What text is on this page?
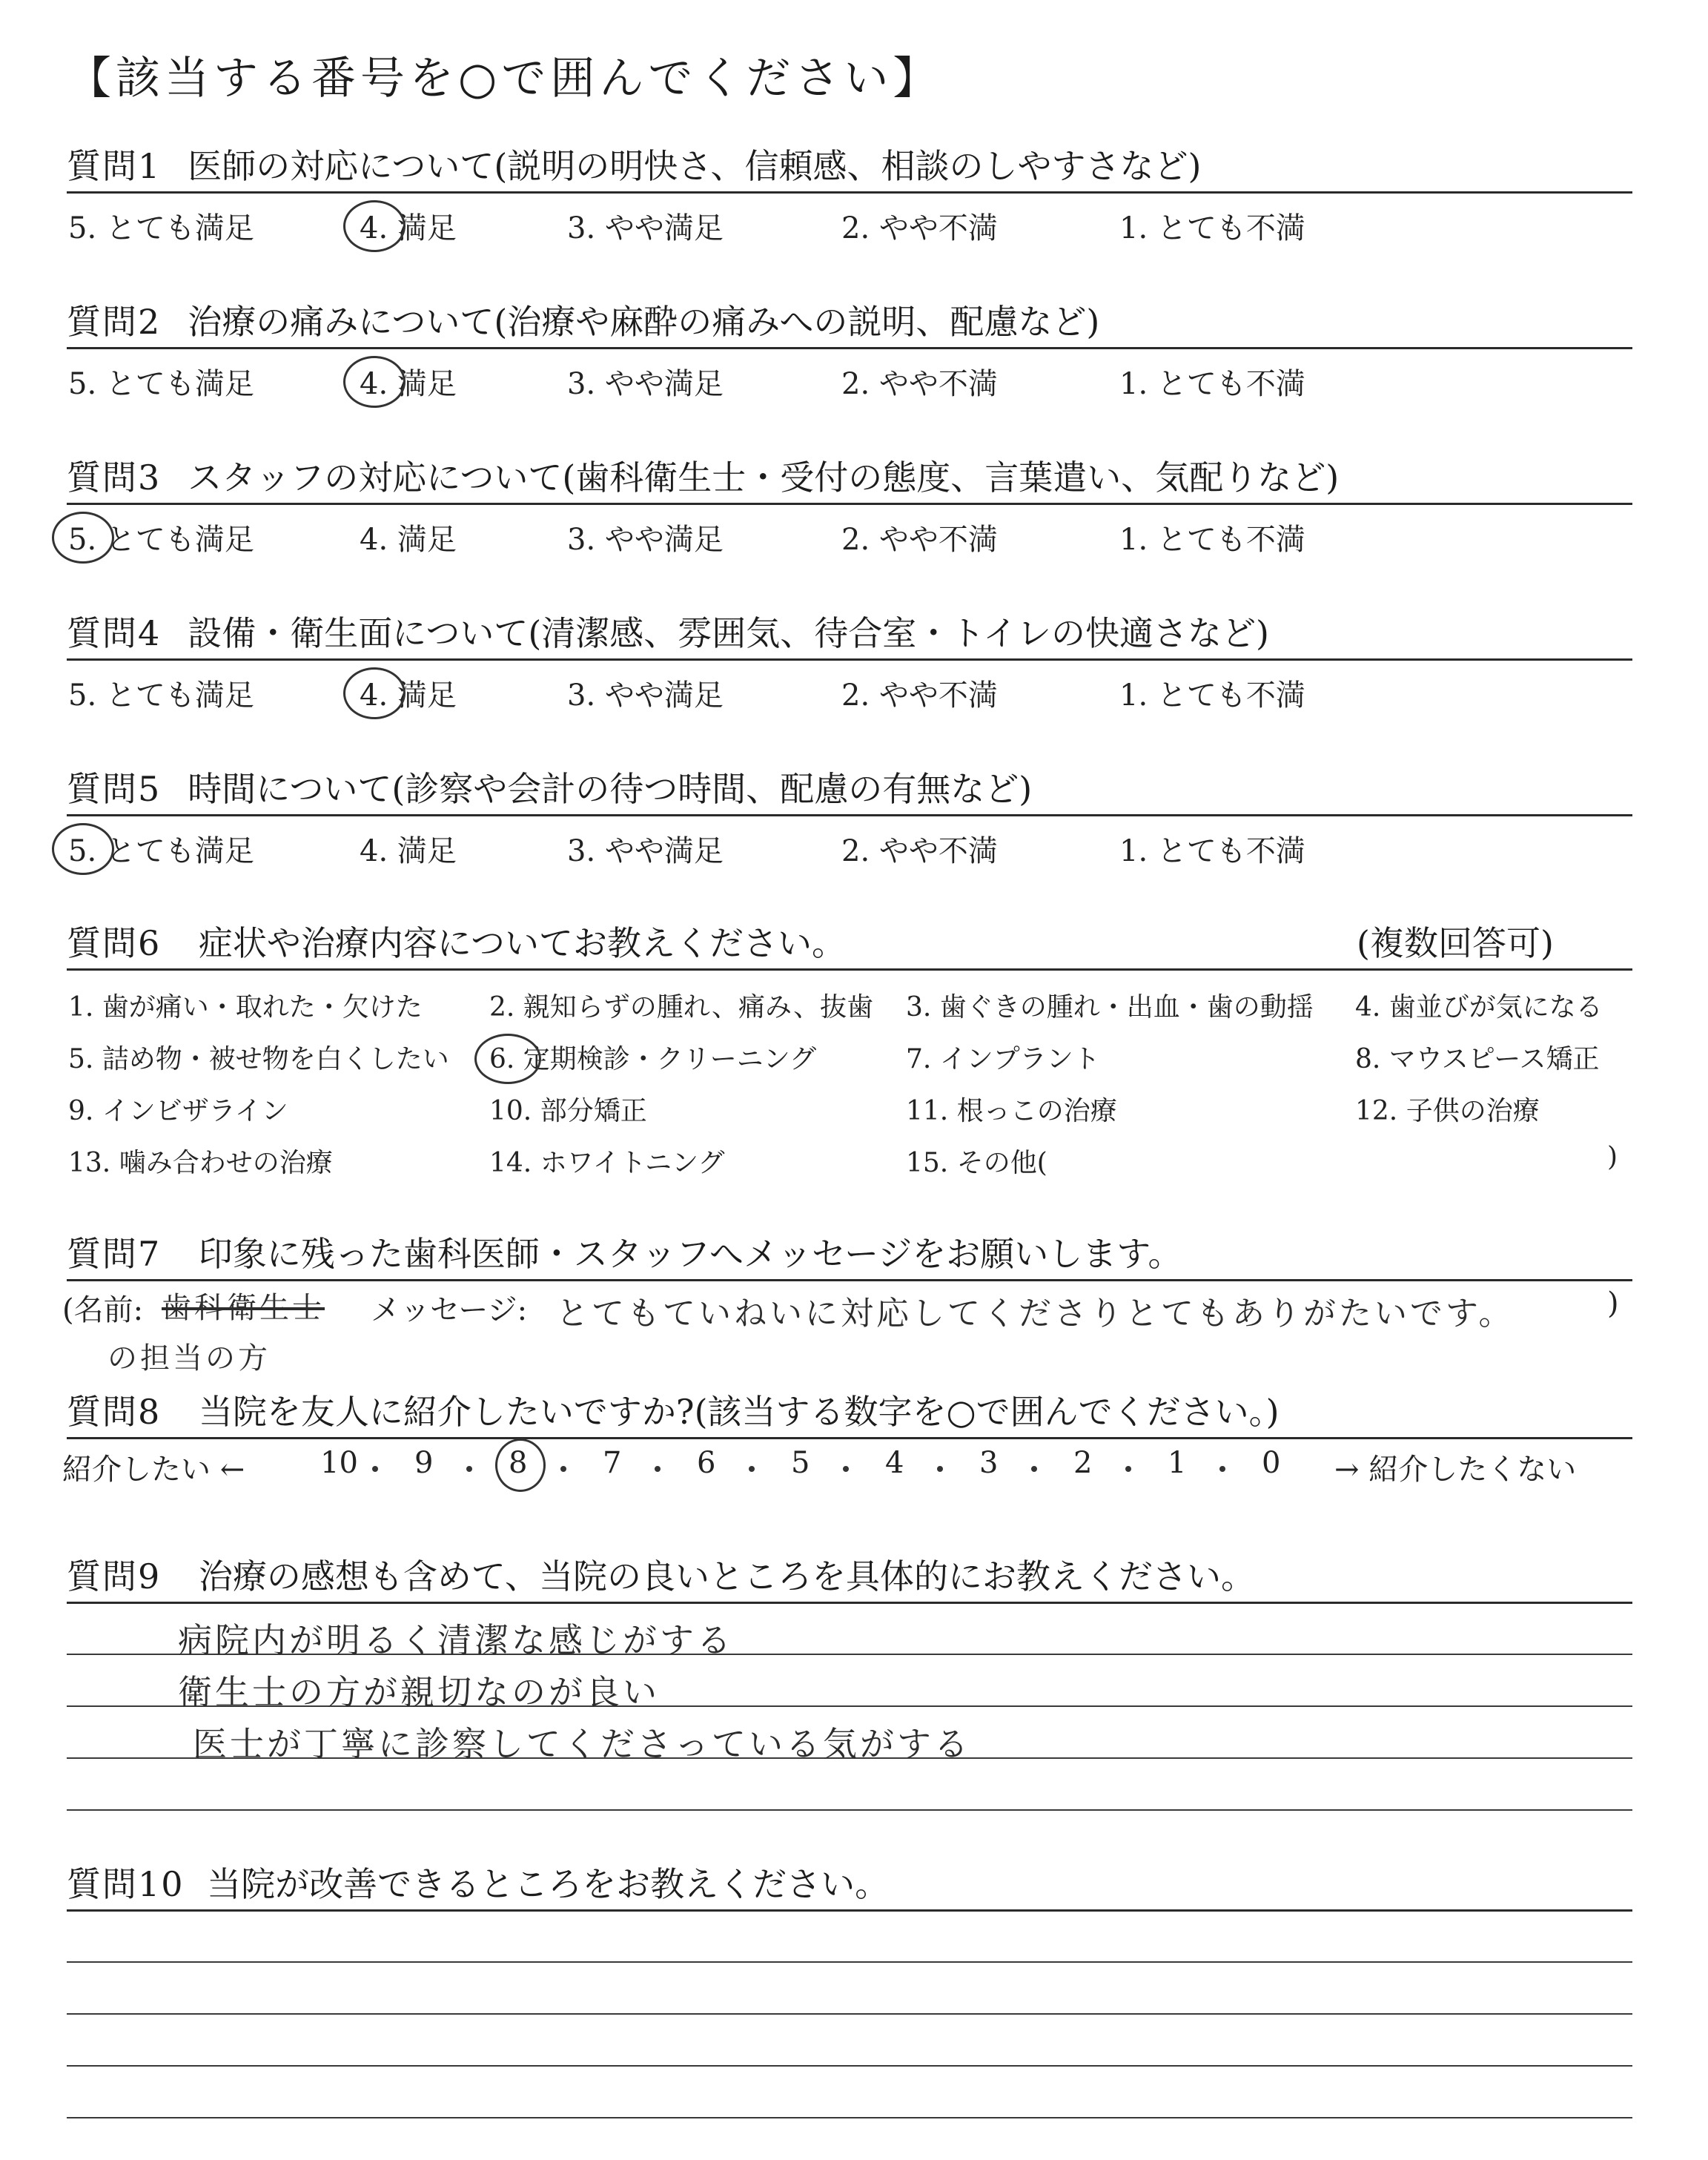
【該当する番号を○で囲んでください】
質問1 医師の対応について(説明の明快さ、信頼感、相談のしやすさなど)
5. とても満足	4. 満足	3. やや満足	2. やや不満	1. とても不満
質問2 治療の痛みについて(治療や麻酔の痛みへの説明、配慮など)
5. とても満足	4. 満足	3. やや満足	2. やや不満	1. とても不満
質問3 スタッフの対応について(歯科衛生士・受付の態度、言葉遣い、気配りなど)
5. とても満足	4. 満足	3. やや満足	2. やや不満	1. とても不満
質問4 設備・衛生面について(清潔感、雰囲気、待合室・トイレの快適さなど)
5. とても満足	4. 満足	3. やや満足	2. やや不満	1. とても不満
質問5 時間について(診察や会計の待つ時間、配慮の有無など)
5. とても満足	4. 満足	3. やや満足	2. やや不満	1. とても不満
質問6 症状や治療内容についてお教えください。	(複数回答可)
1. 歯が痛い・取れた・欠けた	2. 親知らずの腫れ、痛み、抜歯 3. 歯ぐきの腫れ・出血・歯の動揺 4. 歯並びが気になる
5. 詰め物・被せ物を白くしたい 6. 定期検診・クリーニング	7. インプラント	8. マウスピース矯正
9. インビザライン	10. 部分矯正	11. 根っこの治療	12. 子供の治療
13. 噛み合わせの治療	14. ホワイトニング	15. その他(	)
質問7 印象に残った歯科医師・スタッフへメッセージをお願いします。
(名前: 歯科衛生士
の担当の方
メッセージ: とてもていねいに対応してくださりとてもありがたいです。	)
質問8 当院を友人に紹介したいですか?(該当する数字を○で囲んでください。)
紹介したい ←	→ 紹介したくない
10 9	8	7	6	5	4	3	2	1	0
質問9 治療の感想も含めて、当院の良いところを具体的にお教えください。
病院内が明るく清潔な感じがする
衛生士の方が親切なのが良い
医士が丁寧に診察してくださっている気がする
質問10 当院が改善できるところをお教えください。
